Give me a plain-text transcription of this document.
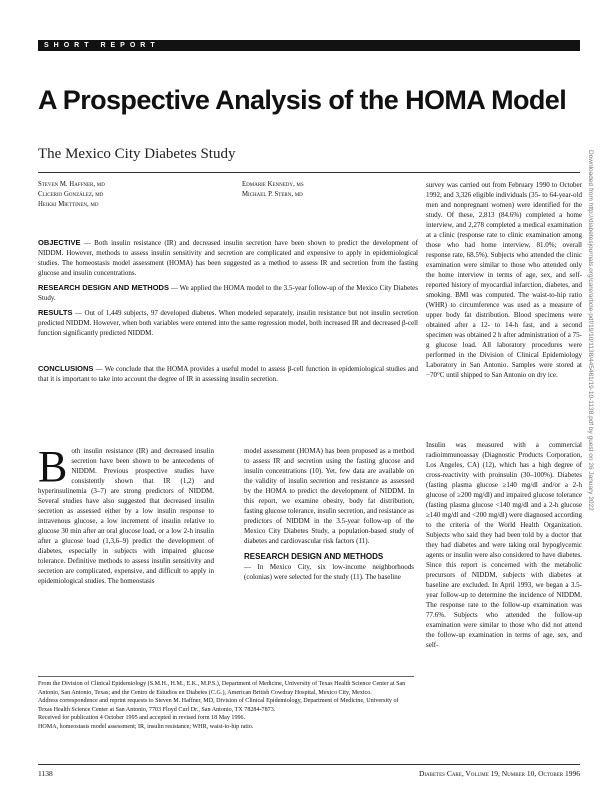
SHORT REPORT
Downloaded from http://diabetesjournals.org/care/article-pdf/19/10/1138/445481/19-10-1138.pdf by guest on 26 January 2022
A Prospective Analysis of the HOMA Model
The Mexico City Diabetes Study
Steven M. Haffner, md
Clicerio González, md
Heikki Miettinen, md
Edmarie Kennedy, ms
Michael P. Stern, md
OBJECTIVE — Both insulin resistance (IR) and decreased insulin secretion have been shown to predict the development of NIDDM. However, methods to assess insulin sensitivity and secretion are complicated and expensive to apply in epidemiological studies. The homeostasis model assessment (HOMA) has been suggested as a method to assess IR and secretion from the fasting glucose and insulin concentrations.
RESEARCH DESIGN AND METHODS — We applied the HOMA model to the 3.5-year follow-up of the Mexico City Diabetes Study.
RESULTS — Out of 1,449 subjects, 97 developed diabetes. When modeled separately, insulin resistance but not insulin secretion predicted NIDDM. However, when both variables were entered into the same regression model, both increased IR and decreased β-cell function significantly predicted NIDDM.
CONCLUSIONS — We conclude that the HOMA provides a useful model to assess β-cell function in epidemiological studies and that it is important to take into account the degree of IR in assessing insulin secretion.
B oth insulin resistance (IR) and decreased insulin secretion have been shown to be antecedents of NIDDM. Previous prospective studies have consistently shown that IR (1,2) and hyperinsulinemia (3–7) are strong predictors of NIDDM. Several studies have also suggested that decreased insulin secretion as assessed either by a low insulin response to intravenous glucose, a low increment of insulin relative to glucose 30 min after an oral glucose load, or a low 2-h insulin after a glucose load (1,3,6–9) predict the development of diabetes, especially in subjects with impaired glucose tolerance. Definitive methods to assess insulin sensitivity and secretion are complicated, expensive, and difficult to apply in epidemiological studies. The homeostasis
model assessment (HOMA) has been proposed as a method to assess IR and secretion using the fasting glucose and insulin concentrations (10). Yet, few data are available on the validity of insulin secretion and resistance as assessed by the HOMA to predict the development of NIDDM. In this report, we examine obesity, body fat distribution, fasting glucose tolerance, insulin secretion, and resistance as predictors of NIDDM in the 3.5-year follow-up of the Mexico City Diabetes Study, a population-based study of diabetes and cardiovascular risk factors (11).
RESEARCH DESIGN AND METHODS
— In Mexico City, six low-income neighborhoods (colonias) were selected for the study (11). The baseline
survey was carried out from February 1990 to October 1992, and 3,326 eligible individuals (35- to 64-year-old men and nonpregnant women) were identified for the study. Of these, 2,813 (84.6%) completed a home interview, and 2,278 completed a medical examination at a clinic (response rate to clinic examination among those who had home interview, 81.0%; overall response rate, 68.5%). Subjects who attended the clinic examination were similar to those who attended only the home interview in terms of age, sex, and self-reported history of myocardial infarction, diabetes, and smoking. BMI was computed. The waist-to-hip ratio (WHR) to circumference was used as a measure of upper body fat distribution. Blood specimens were obtained after a 12- to 14-h fast, and a second specimen was obtained 2 h after administration of a 75-g glucose load. All laboratory procedures were performed in the Division of Clinical Epidemiology Laboratory in San Antonio. Samples were stored at −70°C until shipped to San Antonio on dry ice.
Insulin was measured with a commercial radioimmunoassay (Diagnostic Products Corporation, Los Angeles, CA) (12), which has a high degree of cross-reactivity with proinsulin (30–100%). Diabetes (fasting plasma glucose ≥140 mg/dl and/or a 2-h glucose of ≥200 mg/dl) and impaired glucose tolerance (fasting plasma glucose <140 mg/dl and a 2-h glucose ≥140 mg/dl and <200 mg/dl) were diagnosed according to the criteria of the World Health Organization. Subjects who said they had been told by a doctor that they had diabetes and were taking oral hypoglycemic agents or insulin were also considered to have diabetes. Since this report is concerned with the metabolic precursors of NIDDM, subjects with diabetes at baseline are excluded. In April 1993, we began a 3.5-year follow-up to determine the incidence of NIDDM. The response rate to the follow-up examination was 77.6%. Subjects who attended the follow-up examination were similar to those who did not attend the follow-up examination in terms of age, sex, and self-
From the Division of Clinical Epidemiology (S.M.H., H.M., E.K., M.P.S.), Department of Medicine, University of Texas Health Science Center at San Antonio, San Antonio, Texas; and the Centro de Estudios en Diabetes (C.G.), American British Cowdray Hospital, Mexico City, Mexico.
Address correspondence and reprint requests to Steven M. Haffner, MD, Division of Clinical Epidemiology, Department of Medicine, University of Texas Health Science Center at San Antonio, 7703 Floyd Curl Dr., San Antonio, TX 78284-7873.
Received for publication 4 October 1995 and accepted in revised form 18 May 1996.
HOMA, homeostasis model assessment; IR, insulin resistance; WHR, waist-to-hip ratio.
1138	Diabetes Care, Volume 19, Number 10, October 1996
